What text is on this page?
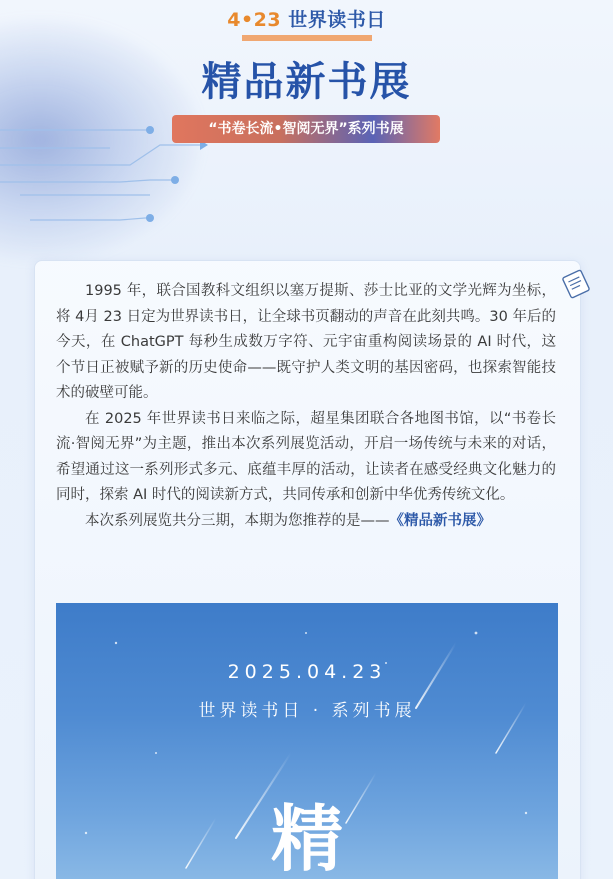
4•23 世界读书日
精品新书展
“书卷长流•智阅无界”系列书展

1995 年，联合国教科文组织以塞万提斯、莎士比亚的文学光辉为坐标，将 4月 23 日定为世界读书日，让全球书页翻动的声音在此刻共鸣。30 年后的今天，在 ChatGPT 每秒生成数万字符、元宇宙重构阅读场景的 AI 时代，这个节日正被赋予新的历史使命——既守护人类文明的基因密码，也探索智能技术的破壁可能。

在 2025 年世界读书日来临之际，超星集团联合各地图书馆，以“书卷长流·智阅无界”为主题，推出本次系列展览活动，开启一场传统与未来的对话，希望通过这一系列形式多元、底蕴丰厚的活动，让读者在感受经典文化魅力的同时，探索 AI 时代的阅读新方式，共同传承和创新中华优秀传统文化。

本次系列展览共分三期，本期为您推荐的是——《精品新书展》

2025.04.23
世界读书日 · 系列书展
精
